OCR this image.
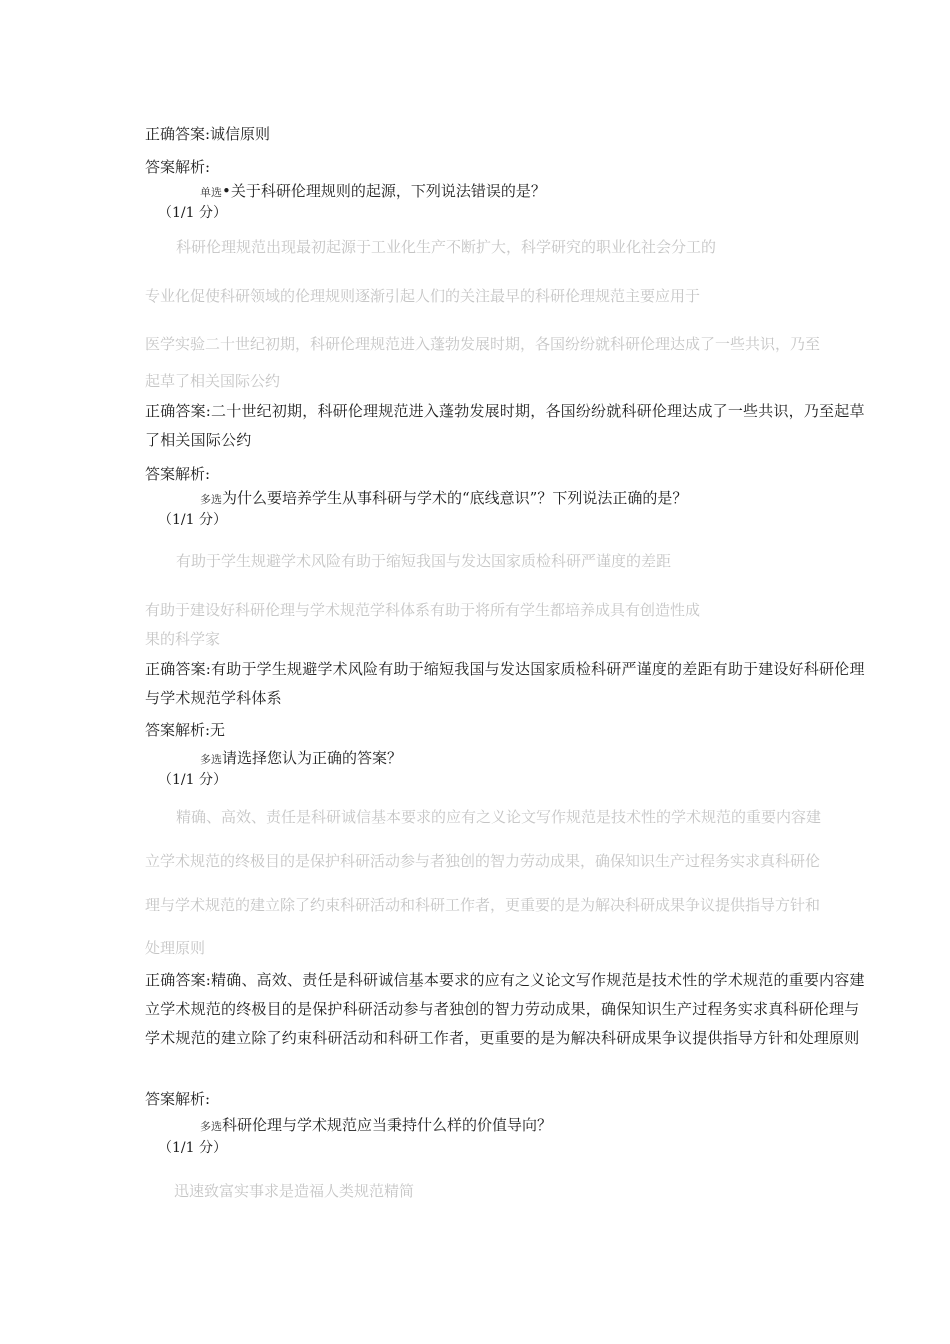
正确答案:诚信原则

答案解析:

单选•关于科研伦理规则的起源，下列说法错误的是？

（1/1 分）

科研伦理规范出现最初起源于工业化生产不断扩大，科学研究的职业化社会分工的

专业化促使科研领域的伦理规则逐渐引起人们的关注最早的科研伦理规范主要应用于

医学实验二十世纪初期，科研伦理规范进入蓬勃发展时期，各国纷纷就科研伦理达成了一些共识，乃至

起草了相关国际公约

正确答案:二十世纪初期，科研伦理规范进入蓬勃发展时期，各国纷纷就科研伦理达成了一些共识，乃至起草了相关国际公约

答案解析:

多选为什么要培养学生从事科研与学术的“底线意识”？下列说法正确的是？

（1/1 分）

有助于学生规避学术风险有助于缩短我国与发达国家质检科研严谨度的差距

有助于建设好科研伦理与学术规范学科体系有助于将所有学生都培养成具有创造性成

果的科学家

正确答案:有助于学生规避学术风险有助于缩短我国与发达国家质检科研严谨度的差距有助于建设好科研伦理与学术规范学科体系

答案解析:无

多选请选择您认为正确的答案？

（1/1 分）

精确、高效、责任是科研诚信基本要求的应有之义论文写作规范是技术性的学术规范的重要内容建

立学术规范的终极目的是保护科研活动参与者独创的智力劳动成果，确保知识生产过程务实求真科研伦

理与学术规范的建立除了约束科研活动和科研工作者，更重要的是为解决科研成果争议提供指导方针和

处理原则

正确答案:精确、高效、责任是科研诚信基本要求的应有之义论文写作规范是技术性的学术规范的重要内容建立学术规范的终极目的是保护科研活动参与者独创的智力劳动成果，确保知识生产过程务实求真科研伦理与学术规范的建立除了约束科研活动和科研工作者，更重要的是为解决科研成果争议提供指导方针和处理原则

答案解析:

多选科研伦理与学术规范应当秉持什么样的价值导向？

（1/1 分）

迅速致富实事求是造福人类规范精简
